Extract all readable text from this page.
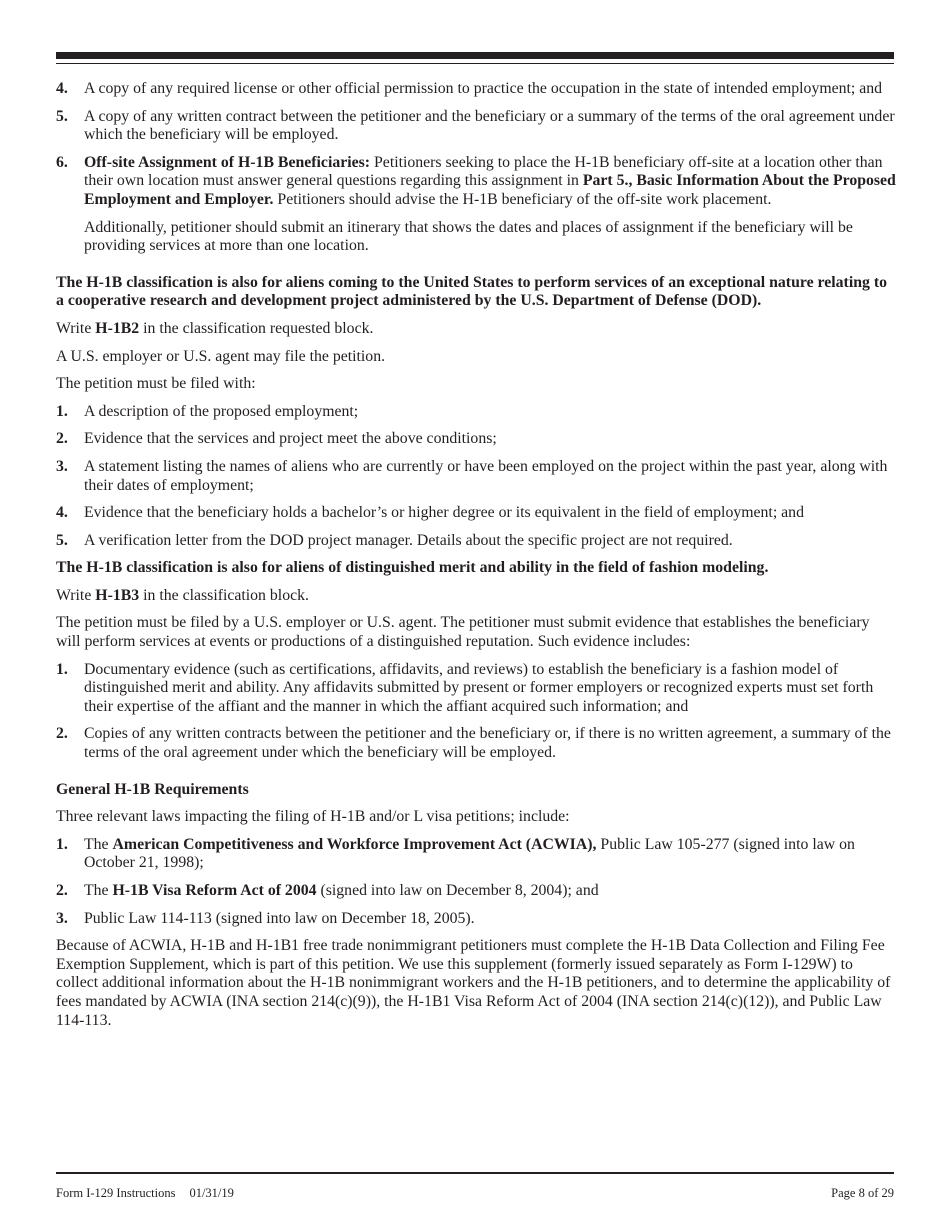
4. A copy of any required license or other official permission to practice the occupation in the state of intended employment; and

5. A copy of any written contract between the petitioner and the beneficiary or a summary of the terms of the oral agreement under which the beneficiary will be employed.

6. Off-site Assignment of H-1B Beneficiaries: Petitioners seeking to place the H-1B beneficiary off-site at a location other than their own location must answer general questions regarding this assignment in Part 5., Basic Information About the Proposed Employment and Employer. Petitioners should advise the H-1B beneficiary of the off-site work placement.

Additionally, petitioner should submit an itinerary that shows the dates and places of assignment if the beneficiary will be providing services at more than one location.

The H-1B classification is also for aliens coming to the United States to perform services of an exceptional nature relating to a cooperative research and development project administered by the U.S. Department of Defense (DOD).

Write H-1B2 in the classification requested block.

A U.S. employer or U.S. agent may file the petition.

The petition must be filed with:

1. A description of the proposed employment;

2. Evidence that the services and project meet the above conditions;

3. A statement listing the names of aliens who are currently or have been employed on the project within the past year, along with their dates of employment;

4. Evidence that the beneficiary holds a bachelor’s or higher degree or its equivalent in the field of employment; and

5. A verification letter from the DOD project manager. Details about the specific project are not required.

The H-1B classification is also for aliens of distinguished merit and ability in the field of fashion modeling.

Write H-1B3 in the classification block.

The petition must be filed by a U.S. employer or U.S. agent. The petitioner must submit evidence that establishes the beneficiary will perform services at events or productions of a distinguished reputation. Such evidence includes:

1. Documentary evidence (such as certifications, affidavits, and reviews) to establish the beneficiary is a fashion model of distinguished merit and ability. Any affidavits submitted by present or former employers or recognized experts must set forth their expertise of the affiant and the manner in which the affiant acquired such information; and

2. Copies of any written contracts between the petitioner and the beneficiary or, if there is no written agreement, a summary of the terms of the oral agreement under which the beneficiary will be employed.

General H-1B Requirements

Three relevant laws impacting the filing of H-1B and/or L visa petitions; include:

1. The American Competitiveness and Workforce Improvement Act (ACWIA), Public Law 105-277 (signed into law on October 21, 1998);

2. The H-1B Visa Reform Act of 2004 (signed into law on December 8, 2004); and

3. Public Law 114-113 (signed into law on December 18, 2005).

Because of ACWIA, H-1B and H-1B1 free trade nonimmigrant petitioners must complete the H-1B Data Collection and Filing Fee Exemption Supplement, which is part of this petition. We use this supplement (formerly issued separately as Form I-129W) to collect additional information about the H-1B nonimmigrant workers and the H-1B petitioners, and to determine the applicability of fees mandated by ACWIA (INA section 214(c)(9)), the H-1B1 Visa Reform Act of 2004 (INA section 214(c)(12)), and Public Law 114-113.

Form I-129 Instructions 01/31/19	Page 8 of 29
